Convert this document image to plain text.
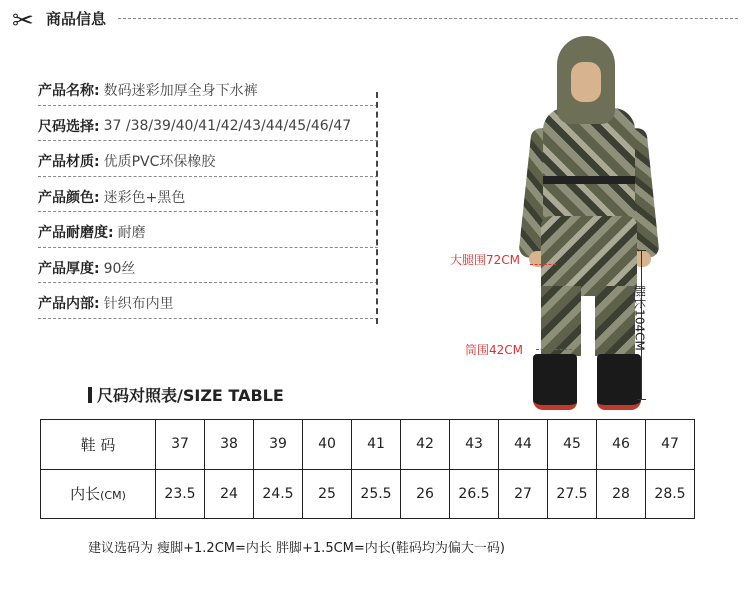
✂ 商品信息
产品名称: 数码迷彩加厚全身下水裤
尺码选择: 37 /38/39/40/41/42/43/44/45/46/47
产品材质: 优质PVC环保橡胶
产品颜色: 迷彩色+黑色
产品耐磨度: 耐磨
产品厚度: 90丝
产品内部: 针织布内里
大腿围72CM
筒围42CM	腿长104CM
尺码对照表/SIZE TABLE
鞋 码	37	38	39	40	41	42	43	44	45	46	47
内长(CM)	23.5	24	24.5	25	25.5	26	26.5	27	27.5	28	28.5
建议选码为 瘦脚+1.2CM=内长 胖脚+1.5CM=内长(鞋码均为偏大一码)
